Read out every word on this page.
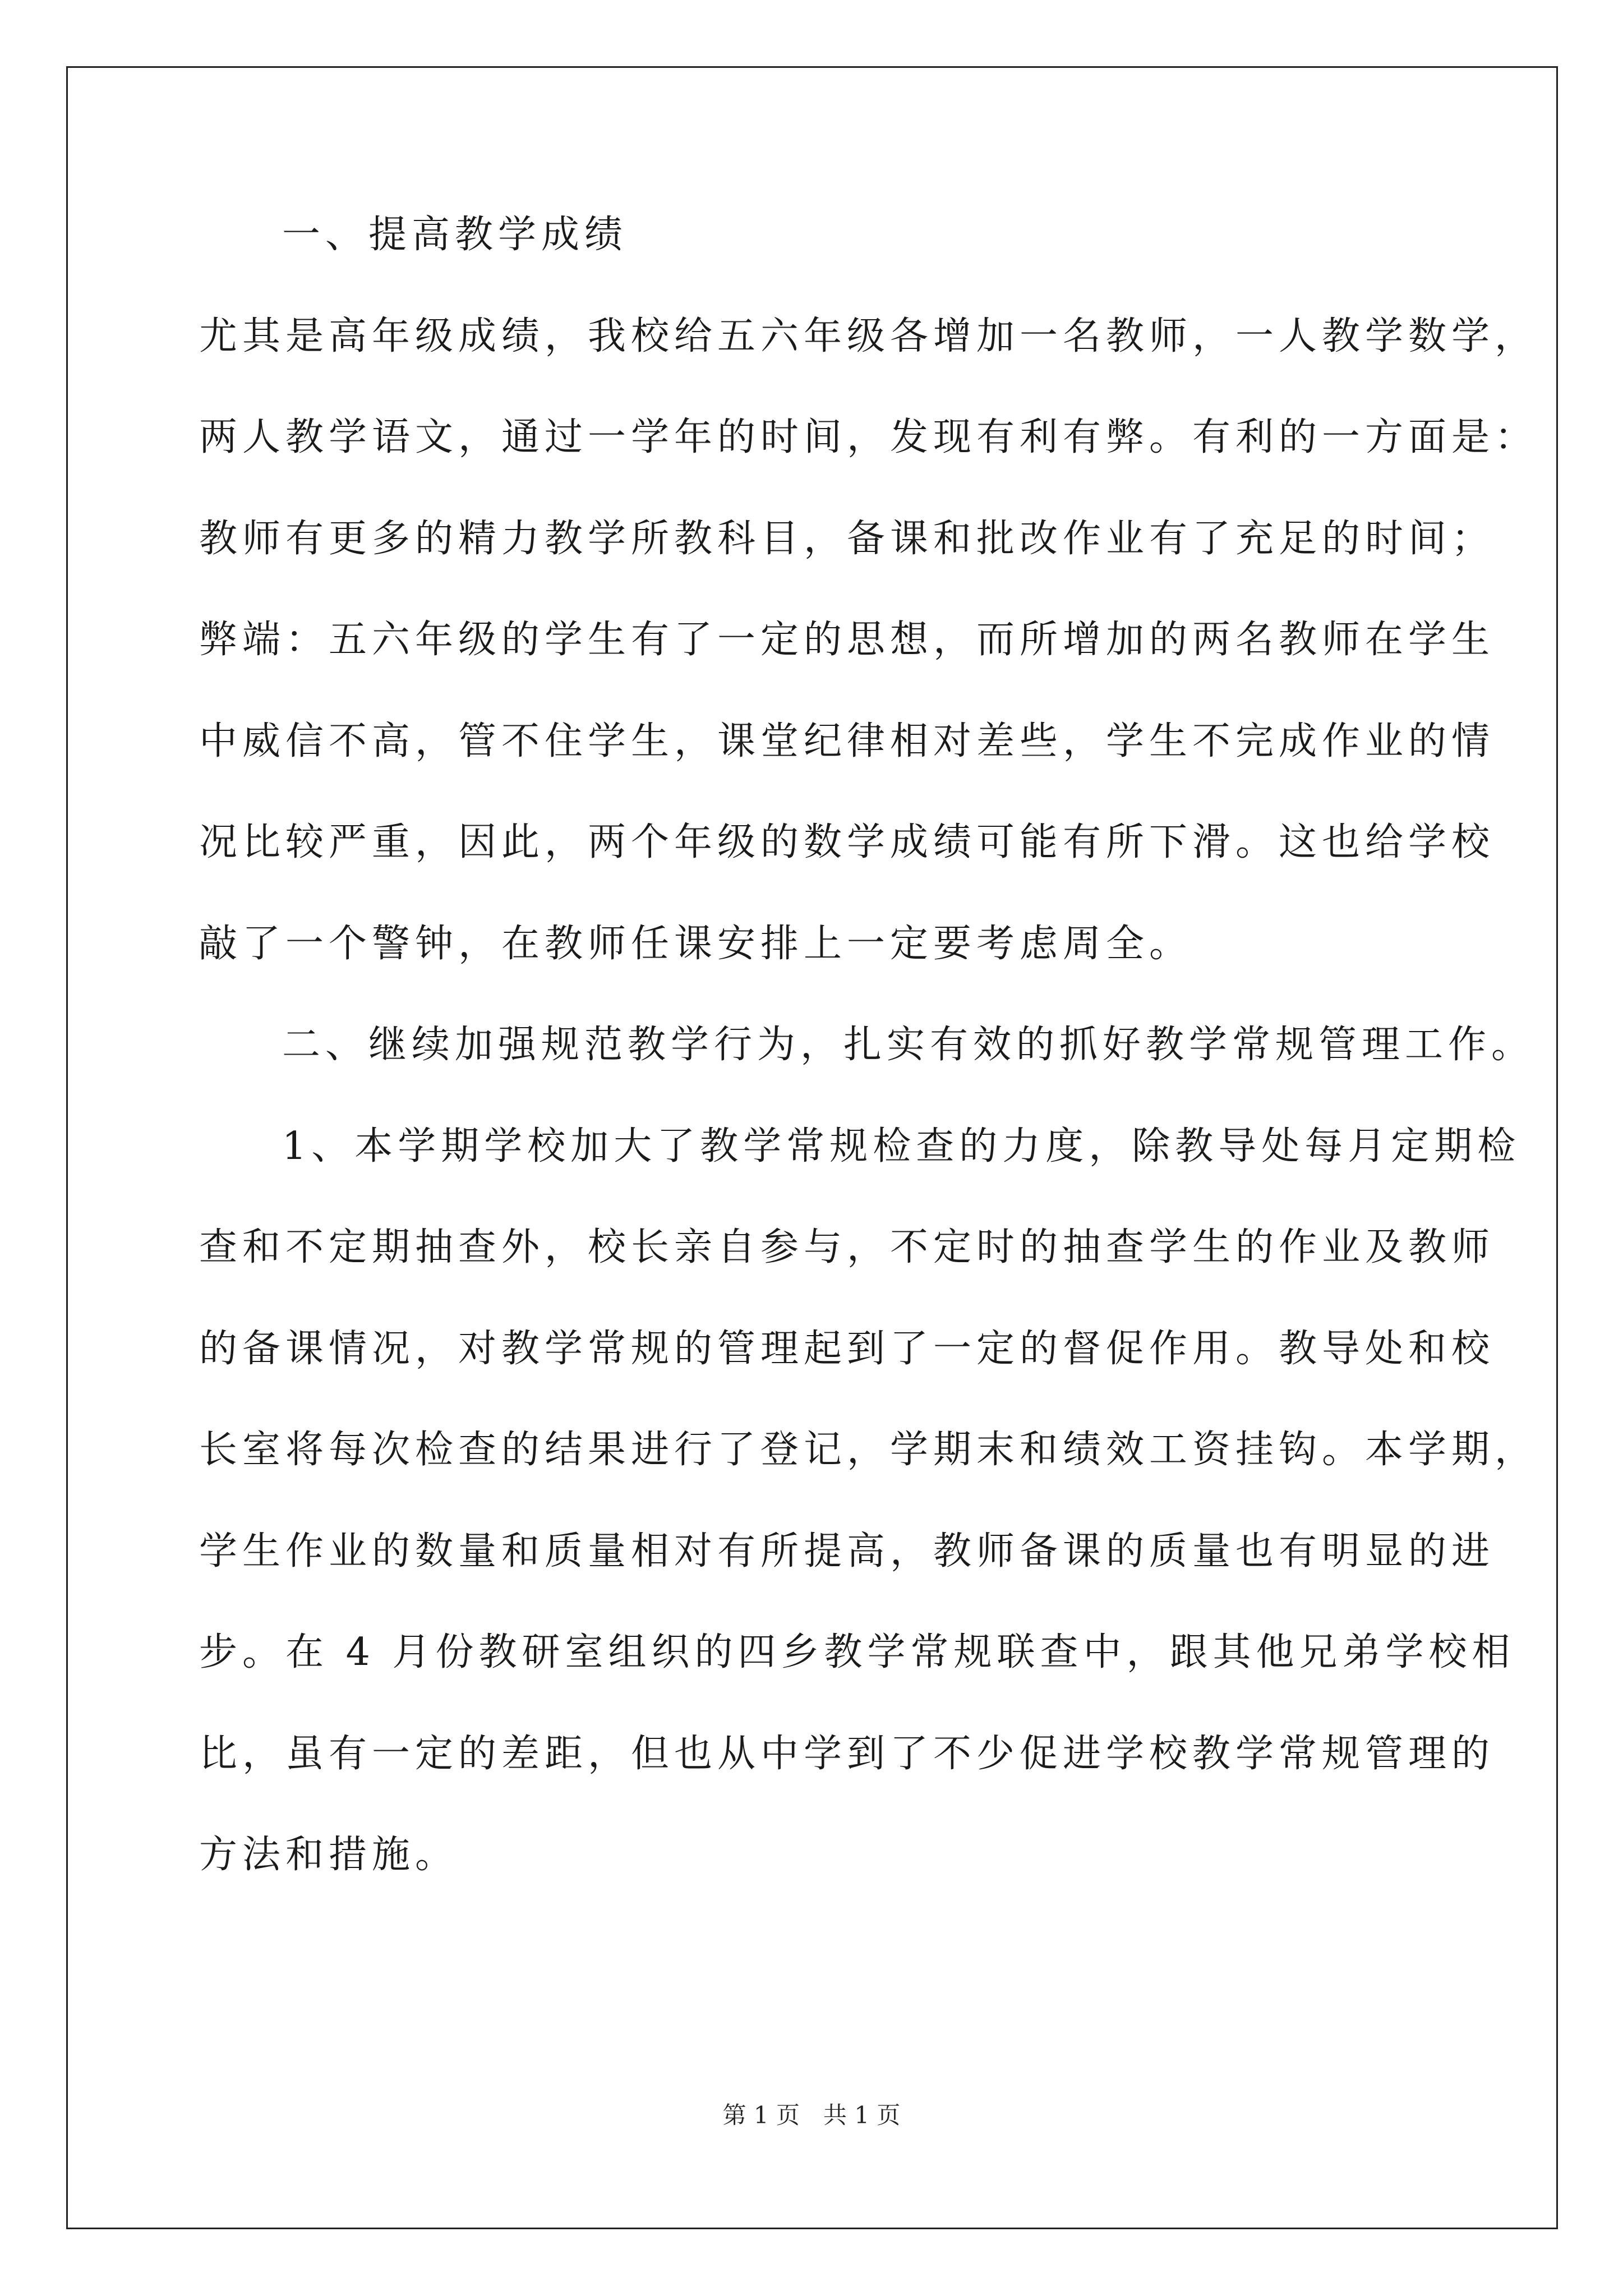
一、提高教学成绩
尤其是高年级成绩，我校给五六年级各增加一名教师，一人教学数学，
两人教学语文，通过一学年的时间，发现有利有弊。有利的一方面是：
教师有更多的精力教学所教科目，备课和批改作业有了充足的时间；
弊端：五六年级的学生有了一定的思想，而所增加的两名教师在学生
中威信不高，管不住学生，课堂纪律相对差些，学生不完成作业的情
况比较严重，因此，两个年级的数学成绩可能有所下滑。这也给学校
敲了一个警钟，在教师任课安排上一定要考虑周全。
二、继续加强规范教学行为，扎实有效的抓好教学常规管理工作。
1、本学期学校加大了教学常规检查的力度，除教导处每月定期检
查和不定期抽查外，校长亲自参与，不定时的抽查学生的作业及教师
的备课情况，对教学常规的管理起到了一定的督促作用。教导处和校
长室将每次检查的结果进行了登记，学期末和绩效工资挂钩。本学期，
学生作业的数量和质量相对有所提高，教师备课的质量也有明显的进
步。在 4 月份教研室组织的四乡教学常规联查中，跟其他兄弟学校相
比，虽有一定的差距，但也从中学到了不少促进学校教学常规管理的
方法和措施。
第 1 页　共 1 页
